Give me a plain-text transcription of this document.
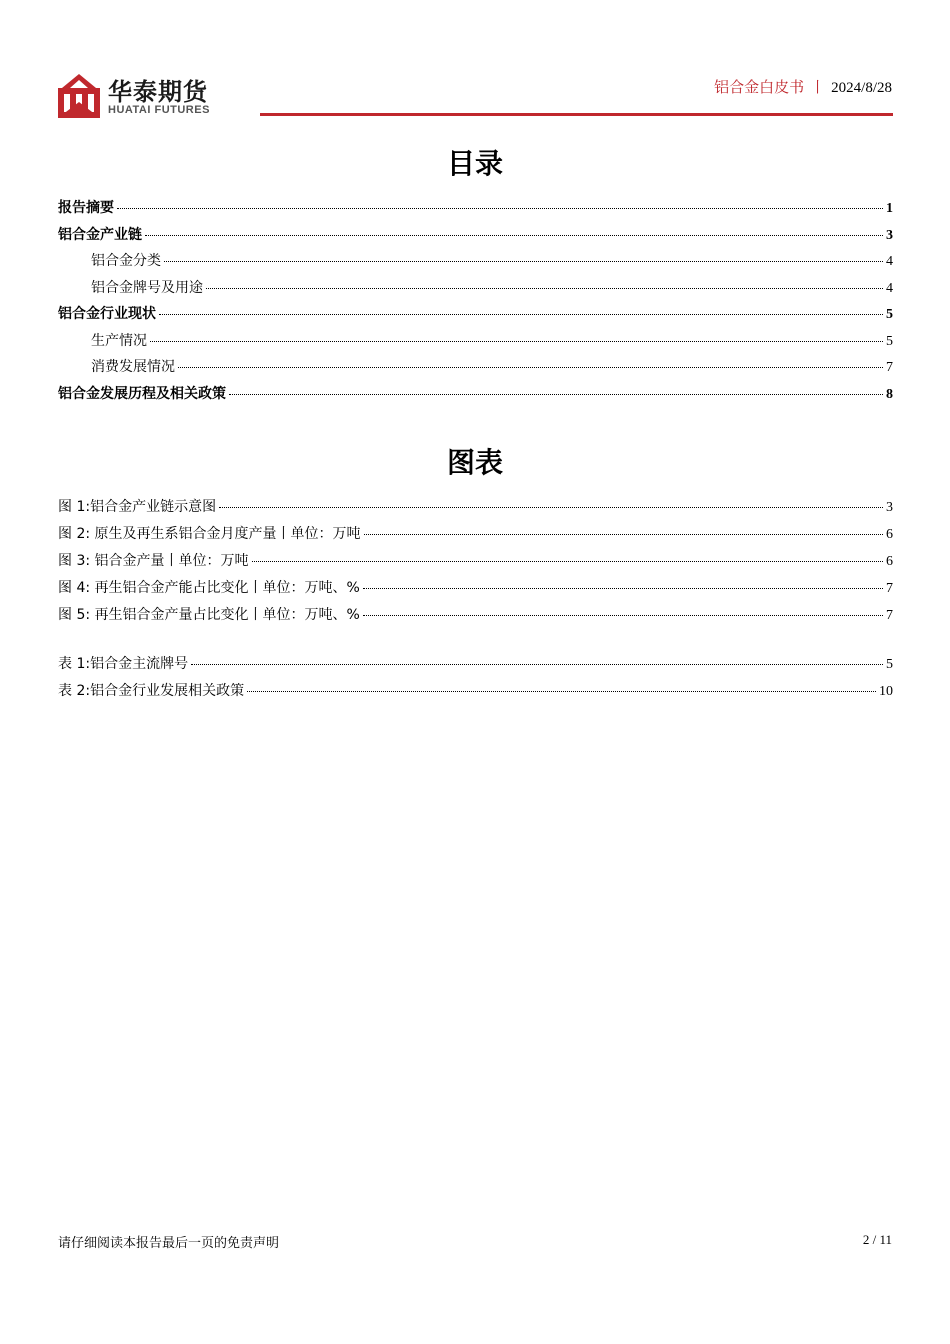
华泰期货
HUATAI FUTURES
铝合金白皮书 丨 2024/8/28
目录
报告摘要	1
铝合金产业链	3
铝合金分类	4
铝合金牌号及用途	4
铝合金行业现状	5
生产情况	5
消费发展情况	7
铝合金发展历程及相关政策	8
图表
图 1:铝合金产业链示意图	3
图 2: 原生及再生系铝合金月度产量丨单位：万吨	6
图 3: 铝合金产量丨单位：万吨	6
图 4: 再生铝合金产能占比变化丨单位：万吨、%	7
图 5: 再生铝合金产量占比变化丨单位：万吨、%	7
表 1:铝合金主流牌号	5
表 2:铝合金行业发展相关政策	10
请仔细阅读本报告最后一页的免责声明	2 / 11
